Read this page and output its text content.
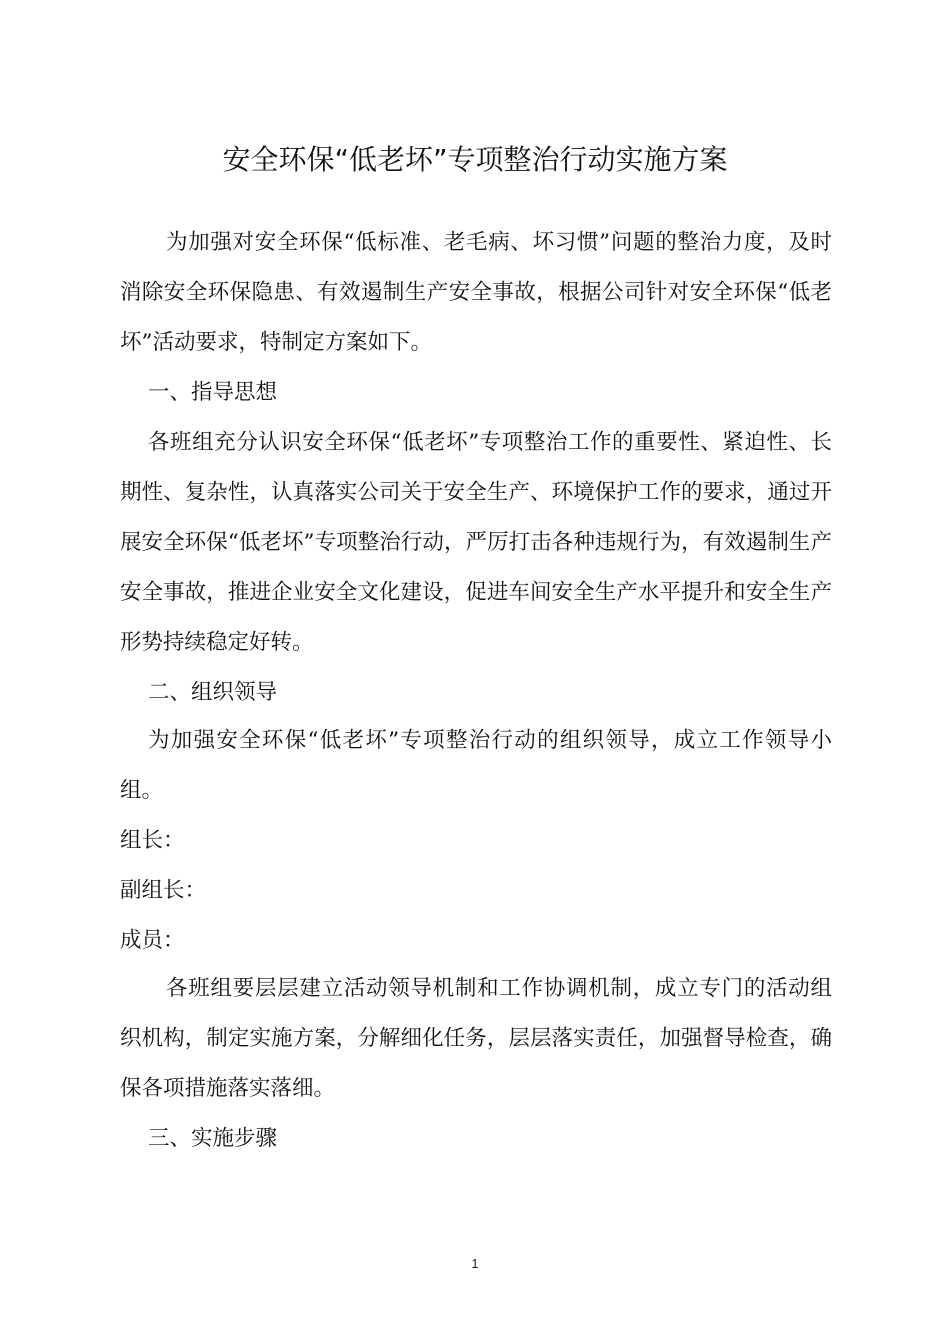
安全环保“低老坏”专项整治行动实施方案

为加强对安全环保“低标准、老毛病、坏习惯”问题的整治力度，及时消除安全环保隐患、有效遏制生产安全事故，根据公司针对安全环保“低老坏”活动要求，特制定方案如下。

一、指导思想

各班组充分认识安全环保“低老坏”专项整治工作的重要性、紧迫性、长期性、复杂性，认真落实公司关于安全生产、环境保护工作的要求，通过开展安全环保“低老坏”专项整治行动，严厉打击各种违规行为，有效遏制生产安全事故，推进企业安全文化建设，促进车间安全生产水平提升和安全生产形势持续稳定好转。

二、组织领导

为加强安全环保“低老坏”专项整治行动的组织领导，成立工作领导小组。

组长：

副组长：

成员：

各班组要层层建立活动领导机制和工作协调机制，成立专门的活动组织机构，制定实施方案，分解细化任务，层层落实责任，加强督导检查，确保各项措施落实落细。

三、实施步骤

1
